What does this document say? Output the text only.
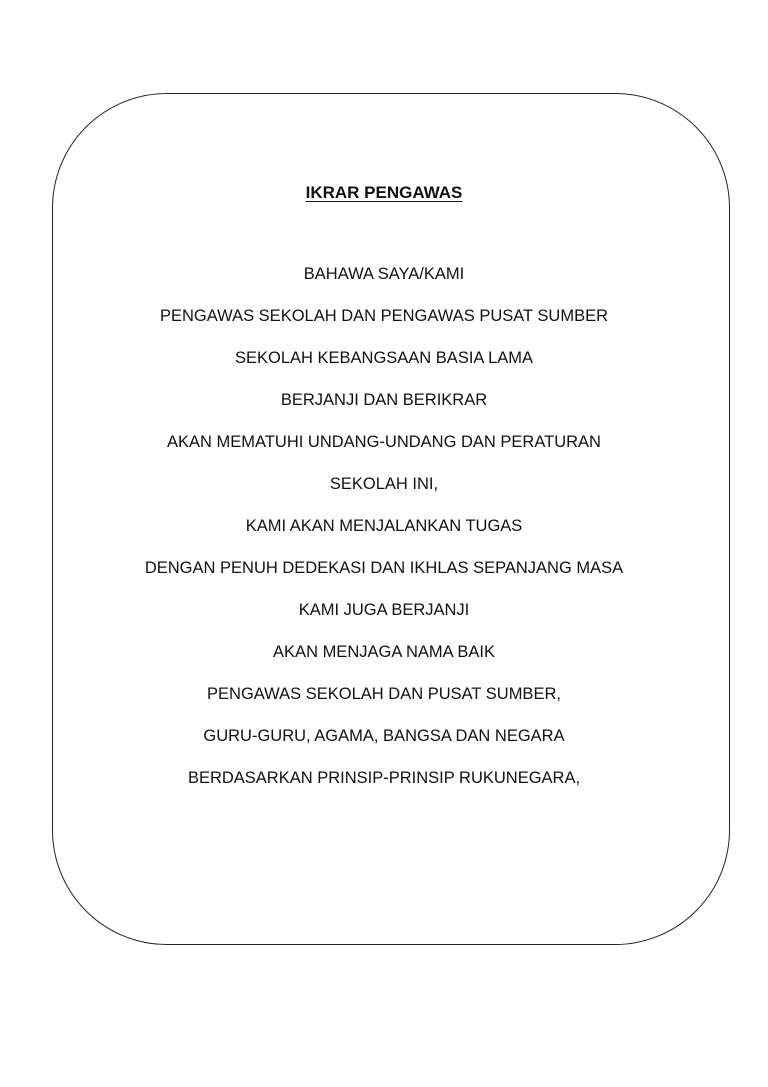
IKRAR PENGAWAS
BAHAWA SAYA/KAMI
PENGAWAS SEKOLAH DAN PENGAWAS PUSAT SUMBER
SEKOLAH KEBANGSAAN BASIA LAMA
BERJANJI DAN BERIKRAR
AKAN MEMATUHI UNDANG-UNDANG DAN PERATURAN
SEKOLAH INI,
KAMI AKAN MENJALANKAN TUGAS
DENGAN PENUH DEDEKASI DAN IKHLAS SEPANJANG MASA
KAMI JUGA BERJANJI
AKAN MENJAGA NAMA BAIK
PENGAWAS SEKOLAH DAN PUSAT SUMBER,
GURU-GURU, AGAMA, BANGSA DAN NEGARA
BERDASARKAN PRINSIP-PRINSIP RUKUNEGARA,
